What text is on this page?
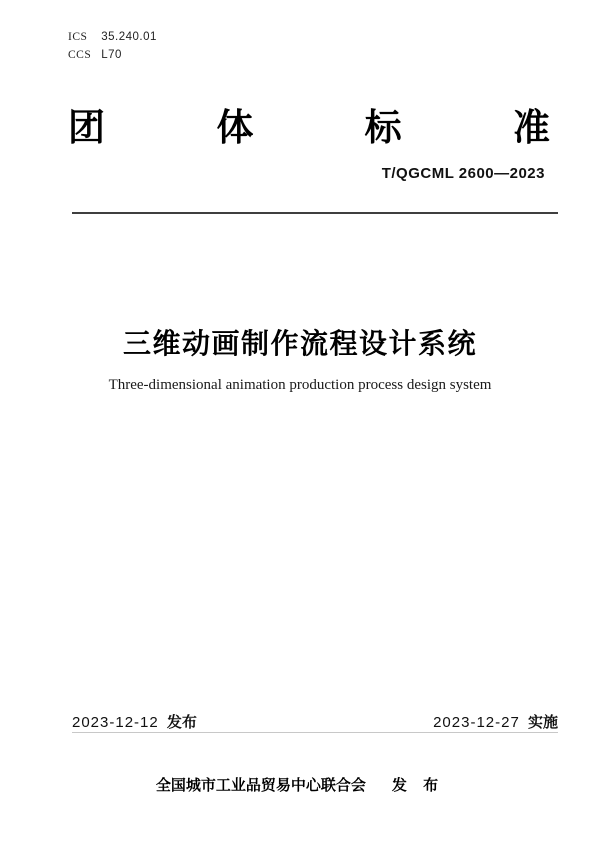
ICS 35.240.01
CCS L70
团	体	标	准
T/QGCML 2600—2023
三维动画制作流程设计系统
Three-dimensional animation production process design system
2023-12-12 发布	2023-12-27 实施
全国城市工业品贸易中心联合会 发 布
